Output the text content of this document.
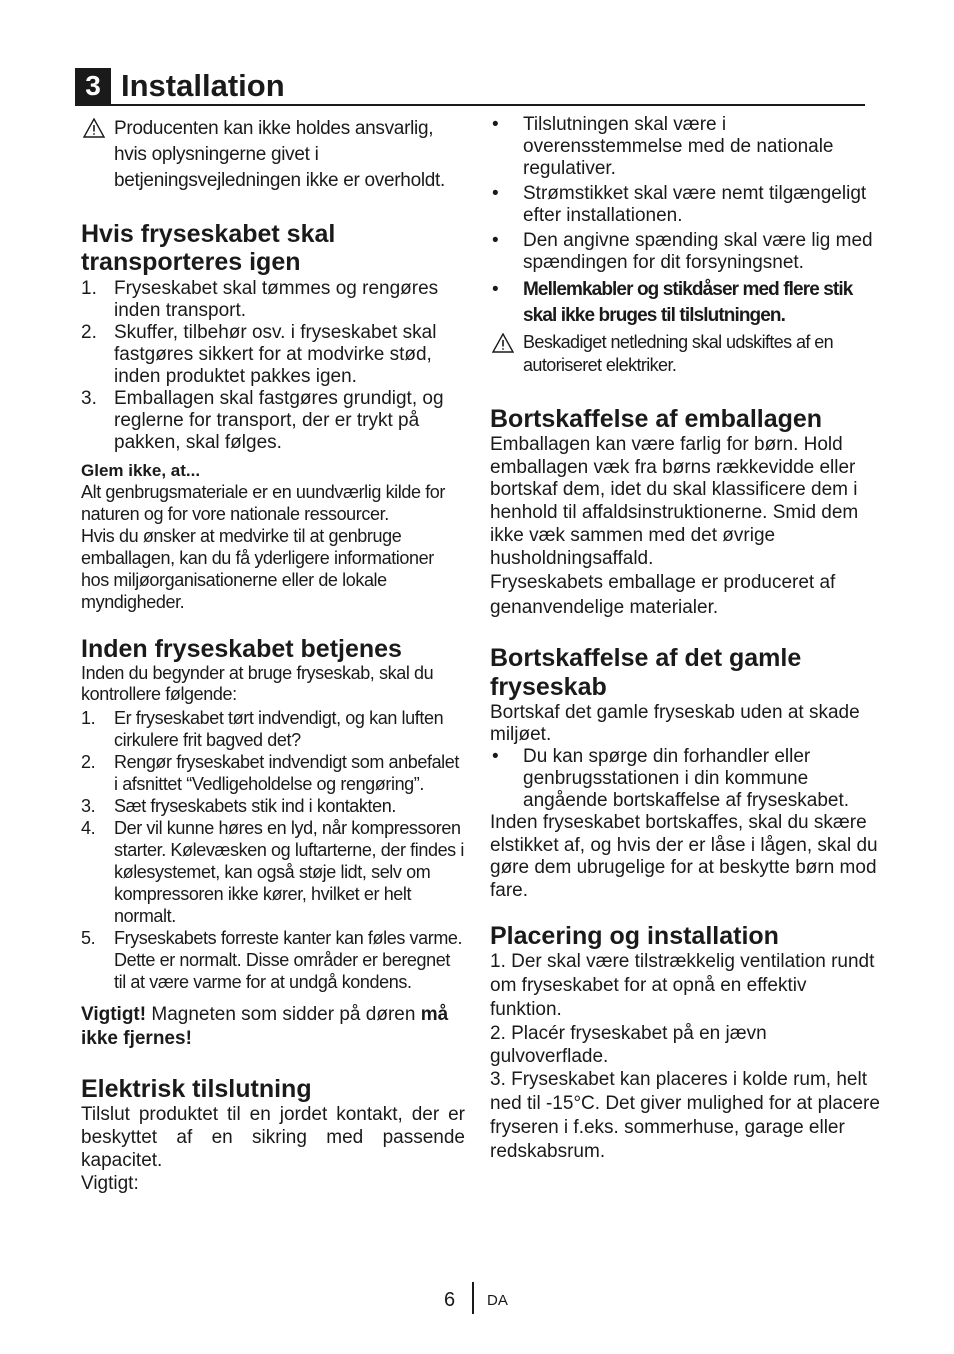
3 Installation

Producenten kan ikke holdes ansvarlig, hvis oplysningerne givet i betjeningsvejledningen ikke er overholdt.

Hvis fryseskabet skal transporteres igen
1. Fryseskabet skal tømmes og rengøres inden transport.
2. Skuffer, tilbehør osv. i fryseskabet skal fastgøres sikkert for at modvirke stød, inden produktet pakkes igen.
3. Emballagen skal fastgøres grundigt, og reglerne for transport, der er trykt på pakken, skal følges.

Glem ikke, at...

Alt genbrugsmateriale er en uundværlig kilde for naturen og for vore nationale ressourcer.

Hvis du ønsker at medvirke til at genbruge emballagen, kan du få yderligere informationer hos miljøorganisationerne eller de lokale myndigheder.

Inden fryseskabet betjenes

Inden du begynder at bruge fryseskab, skal du kontrollere følgende:

1. Er fryseskabet tørt indvendigt, og kan luften cirkulere frit bagved det?
2. Rengør fryseskabet indvendigt som anbefalet i afsnittet “Vedligeholdelse og rengøring”.
3. Sæt fryseskabets stik ind i kontakten.
4. Der vil kunne høres en lyd, når kompressoren starter. Kølevæsken og luftarterne, der findes i kølesystemet, kan også støje lidt, selv om kompressoren ikke kører, hvilket er helt normalt.
5. Fryseskabets forreste kanter kan føles varme. Dette er normalt. Disse områder er beregnet til at være varme for at undgå kondens.

Vigtigt! Magneten som sidder på døren må ikke fjernes!

Elektrisk tilslutning

Tilslut produktet til en jordet kontakt, der er beskyttet af en sikring med passende kapacitet.

Vigtigt:

• Tilslutningen skal være i overensstemmelse med de nationale regulativer.
• Strømstikket skal være nemt tilgængeligt efter installationen.
• Den angivne spænding skal være lig med spændingen for dit forsyningsnet.
• Mellemkabler og stikdåser med flere stik skal ikke bruges til tilslutningen.

Beskadiget netledning skal udskiftes af en autoriseret elektriker.

Bortskaffelse af emballagen

Emballagen kan være farlig for børn. Hold emballagen væk fra børns rækkevidde eller bortskaf dem, idet du skal klassificere dem i henhold til affaldsinstruktionerne. Smid dem ikke væk sammen med det øvrige husholdningsaffald.

Fryseskabets emballage er produceret af genanvendelige materialer.

Bortskaffelse af det gamle fryseskab

Bortskaf det gamle fryseskab uden at skade miljøet.

• Du kan spørge din forhandler eller genbrugsstationen i din kommune angående bortskaffelse af fryseskabet.

Inden fryseskabet bortskaffes, skal du skære elstikket af, og hvis der er låse i lågen, skal du gøre dem ubrugelige for at beskytte børn mod fare.

Placering og installation

1. Der skal være tilstrækkelig ventilation rundt om fryseskabet for at opnå en effektiv funktion.

2. Placér fryseskabet på en jævn gulvoverflade.

3. Fryseskabet kan placeres i kolde rum, helt ned til -15°C. Det giver mulighed for at placere fryseren i f.eks. sommerhuse, garage eller redskabsrum.

6 DA
